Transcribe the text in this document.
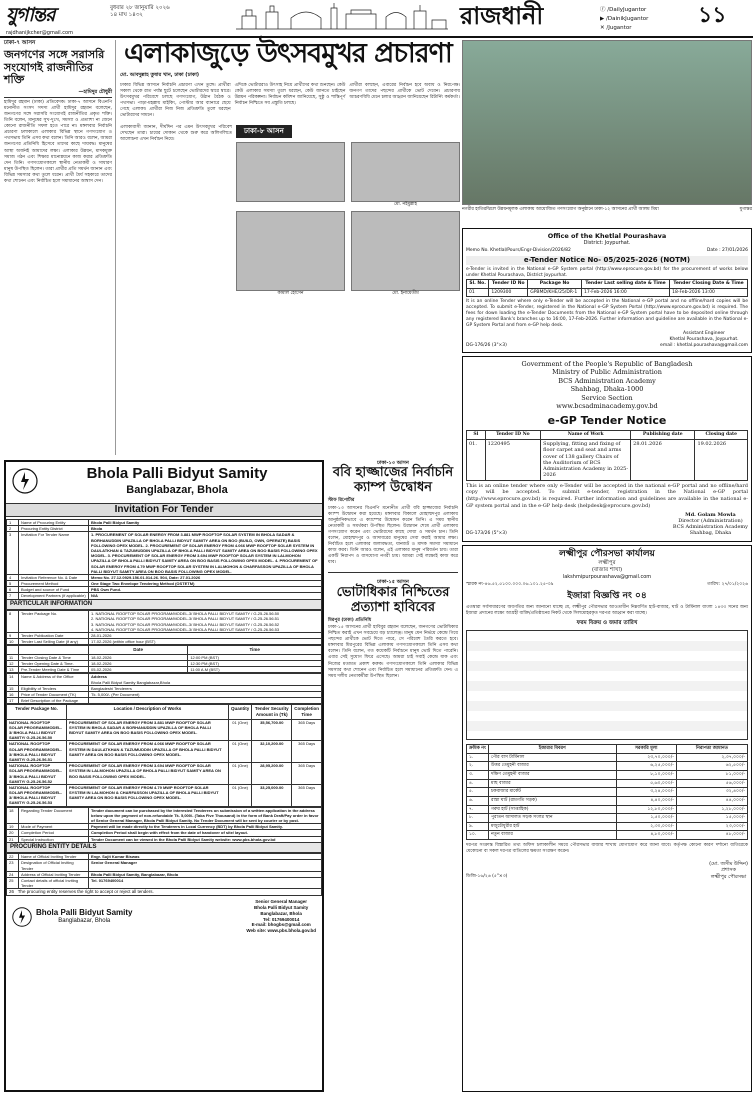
যুগান্তর	বুধবার ২৮ জানুয়ারি ২০২৬
১৪ মাঘ ১৪৩২	রাজধানী	ⓕ /DailyJugantor
▶ /DainikJugantor
✕ /Jugantor	১১
rajdhanijkcher@gmail.com
ঢাকা-৭ আসন
জনগণের সঙ্গে সরাসরি সংযোগই রাজনীতির শক্তি
—হামিদুর চৌধুরী

হামিদুর রহমান (ঢাকা) প্রতিবেদক। ঢাকা-৭ আসনে বিএনপি মনোনীত সংসদ সদস্য প্রার্থী হামিদুর রহমান বলেছেন, জনগণের সঙ্গে সরাসরি সংযোগই রাজনীতির প্রকৃত শক্তি। তিনি বলেন, মানুষের সুখ-দুঃখ, সমস্যা ও প্রত্যাশা না জেনে কোনো রাজনীতি সফল হতে পারে না। মঙ্গলবার নির্বাচনি প্রচারণা চলাকালে এলাকার বিভিন্ন স্থানে গণসংযোগ ও পথসভায় তিনি এসব কথা বলেন। তিনি আরও বলেন, আমরা জনগণের প্রতিনিধি হিসেবে তাদের কাছে দায়বদ্ধ। মানুষের আস্থা অর্জনই আমাদের লক্ষ্য। এলাকার উন্নয়ন, মাদকমুক্ত সমাজ গঠন এবং শিক্ষার মানোন্নয়নে কাজ করার প্রতিশ্রুতি দেন তিনি। গণসংযোগকালে স্থানীয় নেতাকর্মী ও সাধারণ মানুষ উপস্থিত ছিলেন। তারা প্রার্থীর প্রতি সমর্থন জানান এবং বিভিন্ন সমস্যার কথা তুলে ধরেন। প্রার্থী ধৈর্য সহকারে তাদের কথা শোনেন এবং নির্বাচিত হলে সমাধানের আশ্বাস দেন।

এলাকাজুড়ে উৎসবমুখর প্রচারণা
মো. আবদুল্লাহ তুষার খান, ঢাকা (ঢাকা)

ঢাকার বিভিন্ন আসনে নির্বাচনি প্রচারণা এখন তুঙ্গে। প্রার্থীরা সকাল থেকে রাত পর্যন্ত ছুটে চলেছেন ভোটারদের দ্বারে দ্বারে। উৎসবমুখর পরিবেশে চলছে গণসংযোগ, উঠান বৈঠক ও পথসভা। পাড়া-মহল্লায় মাইকিং, পোস্টার আর ব্যানারে ছেয়ে গেছে এলাকা। প্রার্থীরা নিজ নিজ প্রতিশ্রুতি তুলে ধরছেন ভোটারদের সামনে।

এদিকে ভোটাররাও উৎসাহ নিয়ে প্রার্থীদের কথা শুনছেন। কেউ কেউ এলাকার সমস্যা তুলে ধরছেন, কেউ জানতে চাইছেন উন্নয়ন পরিকল্পনা। নির্বাচন কমিশন জানিয়েছে, সুষ্ঠু ও শান্তিপূর্ণ নির্বাচন নিশ্চিতে সব প্রস্তুতি চলছে।

প্রার্থীরা বলছেন, এবারের নির্বাচন হবে অবাধ ও নিরপেক্ষ। জনগণ তাদের পছন্দের প্রার্থীকে ভোট দেবেন। প্রচারণায় আচরণবিধি মেনে চলার আহ্বান জানিয়েছেন রিটার্নিং কর্মকর্তা।

এলাকাবাসী জানান, দীর্ঘদিন পর এমন উৎসবমুখর পরিবেশ দেখছেন তারা। চায়ের দোকান থেকে শুরু করে অলিগলিতে আলোচনা এখন নির্বাচন নিয়ে।

ঢাকা-৮ আসন
মো. নইমুল্লাহ
কামাল হোসেন	মো. ইনায়েতীম
নগরীর হাতিরঝিলে উন্নয়নমূলক এলাকায় আয়োজিত গণসংযোগ অনুষ্ঠানে ঢাকা-১২ আসনের প্রার্থী আলম মিয়া	যুগান্তর
Office of the Khetlal Pourashava
District: Joypurhat.
Memo No. Khetlal/Pours/Engr-Division/2026/82	Date : 27/01/2026
e-Tender Notice No- 05/2025-2026 (NOTM)

e-Tender is invited in the National e-GP System portal (http://www.eprocure.gov.bd) for the procurement of works below under Khetlal Pourashava, District Joypurhat.

Sl. No.	Tender ID No	Package No	Tender Last selling date & Time	Tender Closing Date & Time
01	1209300	GPBMD/KHE/25/DR-1	17-Feb-2026 16:00	18-Feb-2026 13:00

It is an online Tender where only e-Tender will be accepted in the National e-GP portal and no offline/hard copies will be accepted. To submit e-Tender, registered in the National e-GP System Portal (http://www.eprocure.gov.bd) is required. The fees for down loading the e-Tender Documents from the National e-GP System portal have to be deposited online through any registered Bank's branches up to 16:00, 17-Feb-2026. Further information and guideline are available in the National e-GP System Portal and from e-GP help desk.

DG-176/26 (3"×3)
Assistant Engineer
Khetlal Pourashava, Joypurhat.
email : khetlal.pourashava@gmail.com
Government of the People's Republic of Bangladesh
Ministry of Public Administration
BCS Administration Academy
Shahbag, Dhaka-1000
Service Section
www.bcsadminacademy.gov.bd
e-GP Tender Notice
Sl	Tender ID No	Name of Work	Publishing date	Closing date
01.	1220495	Supplying, fitting and fixing of floor carpet and seat and arms cover of 138 gallery Chairs of the Auditorium of BCS Administration Academy in 2025-2026	28.01.2026	19.02.2026

This is an online tender where only e-Tender will be accepted in the national e-GP portal and no offline/hard copy will be accepted. To submit e-tender, registration in the National e-GP portal (http://www.eprocure.gov.bd) is required. Further information and guidelines are available in the national e-GP system portal and in the e-GP help desk (helpdesk@eprocure.gov.bd)

DG-173/26 (5"×3)
Md. Golam Mowla
Director (Administration)
BCS Administration Academy
Shahbag, Dhaka
লক্ষ্মীপুর পৌরসভা কার্যালয়
লক্ষ্মীপুর
(বাজার শাখা)
lakshmipurpourashava@gmail.com
স্মারক নং-৪৬.৫২.৫১০০.০০০.০৬.১০১.২৫-৩৯	তারিখ: ২৭/০১/২০২৬
ইজারা বিজ্ঞপ্তি নং ০৪

এতদ্বারা সর্বসাধারণের অবগতির জন্য জানানো যাচ্ছে যে, লক্ষ্মীপুর পৌরসভার আওতাধীন নিম্নবর্ণিত হাট-বাজার, ঘাট ও টার্মিনাল বাংলা ১৪৩৩ সনের জন্য ইজারা প্রদানের লক্ষ্যে আগ্রহী ব্যক্তি/প্রতিষ্ঠানের নিকট থেকে সিলমোহরকৃত দরপত্র আহ্বান করা যাচ্ছে।

ফরম বিক্রয় ও জমার তারিখ
ক্রমিক নং	ইজারার বিবরণ	সরকারি মূল্য	নিরাপত্তা জামানত
১.	পৌর বাস টার্মিনাল	২৩,৭০,০০০/-	২,৩৭,০০০/-
২.	উত্তর তেমুহনী বাজার	৬,২৫,০০০/-	৬২,৫০০/-
৩.	দক্ষিণ তেমুহনী বাজার	৮,১০,০০০/-	৮১,০০০/-
৪.	মাছ বাজার	৫,৬০,০০০/-	৫৬,০০০/-
৫.	চকবাজার মার্কেট	৩,২৪,০০০/-	৩২,৪০০/-
৬.	রাস্তা ঘাট (রামগতি সড়ক)	৪,৪০,০০০/-	৪৪,০০০/-
৭.	গরুর হাট (সাপ্তাহিক)	১২,৮০,০০০/-	১,২৮,০০০/-
৮.	পুরাতন আদালত সড়ক সংলগ্ন স্থান	১,৫০,০০০/-	১৫,০০০/-
৯.	মজুচৌধুরীর হাট	২,৩০,০০০/-	২৩,০০০/-
১০.	নতুন বাজার	৪,৮০,০০০/-	৪৮,০০০/-

দরপত্র সংক্রান্ত বিস্তারিত তথ্য অফিস চলাকালীন সময়ে পৌরসভার বাজার শাখায় যোগাযোগ করে জানা যাবে। কর্তৃপক্ষ কোনো কারণ দর্শানো ব্যতিরেকে যেকোনো বা সকল দরপত্র বাতিলের ক্ষমতা সংরক্ষণ করেন।

ডিজি-১৬/২৬ (৫"×৩)
(মো. জসীম উদ্দিন)
প্রশাসক
লক্ষ্মীপুর পৌরসভা
ঢাকা-১৩ আসন
ববি হাজ্জাজের নির্বাচনি ক্যাম্প উদ্বোধন
স্টাফ রিপোর্টার

ঢাকা-১৩ আসনের বিএনপি মনোনীত প্রার্থী ববি হাজ্জাজের নির্বাচনি ক্যাম্প উদ্বোধন করা হয়েছে। মঙ্গলবার বিকালে মোহাম্মদপুর এলাকায় আনুষ্ঠানিকভাবে এ ক্যাম্পের উদ্বোধন করেন তিনি। এ সময় স্থানীয় নেতাকর্মী ও সমর্থকরা উপস্থিত ছিলেন। উদ্বোধন শেষে প্রার্থী এলাকায় গণসংযোগ করেন এবং ভোটারদের কাছে দোয়া ও সমর্থন চান। তিনি বলেন, মোহাম্মদপুর ও আদাবরের মানুষের সেবা করাই আমার লক্ষ্য। নির্বাচিত হলে এলাকার জলাবদ্ধতা, যানজট ও মাদক সমস্যা সমাধানে কাজ করব। তিনি আরও বলেন, এই এলাকার মানুষ পরিবর্তন চায়। তারা একটি নিরাপদ ও বাসযোগ্য নগরী চায়। আমরা সেই লক্ষ্যেই কাজ করে যাব।

ঢাকা-১৫ আসন
ভোটাধিকার নিশ্চিতের প্রত্যাশা হাবিবের
মিরপুর (ঢাকা) প্রতিনিধি

ঢাকা-১৫ আসনের প্রার্থী হাবিবুর রহমান বলেছেন, জনগণের ভোটাধিকার নিশ্চিত করাই এখন সবচেয়ে বড় চ্যালেঞ্জ। মানুষ যেন নির্ভয়ে কেন্দ্রে গিয়ে পছন্দের প্রার্থীকে ভোট দিতে পারে, সে পরিবেশ তৈরি করতে হবে। মঙ্গলবার মিরপুরের বিভিন্ন এলাকায় গণসংযোগকালে তিনি এসব কথা বলেন। তিনি বলেন, গত কয়েকটি নির্বাচনে মানুষ ভোট দিতে পারেনি। এবার সেই সুযোগ ফিরে এসেছে। আমরা চাই সবাই কেন্দ্রে যাক এবং নিজের মতামত প্রকাশ করুক। গণসংযোগকালে তিনি এলাকার বিভিন্ন সমস্যার কথা শোনেন এবং নির্বাচিত হলে সমাধানের প্রতিশ্রুতি দেন। এ সময় দলীয় নেতাকর্মীরা উপস্থিত ছিলেন।

Bhola Palli Bidyut Samity
Banglabazar, Bhola
Invitation For Tender
1	Name of Procuring Entity	Bhola Palli Bidyut Samity
2	Procuring Entity District	Bhola
3	Invitation For Tender Name	1. PROCUREMENT OF SOLAR ENERGY FROM 3.881 MWP ROOFTOP SOLAR SYSTEM IN BHOLA SADAR & BORHANUDDIN UPAZILLA OF BHOLA PALLI BIDYUT SAMITY AREA ON BOO (BUILD, OWN, OPERATE) BASIS FOLLOWING OPEX MODEL. 2. PROCUREMENT OF SOLAR ENERGY FROM 4.066 MWP ROOFTOP SOLAR SYSTEM IN DAULATKHAN & TAZUMUDDIN UPAZILLA OF BHOLA PALLI BIDYUT SAMITY AREA ON BOO BASIS FOLLOWING OPEX MODEL. 3. PROCUREMENT OF SOLAR ENERGY FROM 3.694 MWP ROOFTOP SOLAR SYSTEM IN LALMOHON UPAZILLA OF BHOLA PALLI BIDYUT SAMITY AREA ON BOO BASIS FOLLOWING OPEX MODEL. 4. PROCUREMENT OF SOLAR ENERGY FROM 4.79 MWP ROOFTOP SOLAR SYSTEM IN LALMOHON & CHARFASSON UPAZILLA OF BHOLA PALLI BIDYUT SAMITY AREA ON BOO BASIS FOLLOWING OPEX MODEL.
4	Invitation Reference No. & Date	Memo No. 27.12.0929.156.01.014.26. 504, Date: 27.01.2026
5	Procurement Method	One Stage Two Envelope Tendering Method (OSTETM)
6	Budget and source of Fund	PBS Own Fund.
7	Development Partners (if applicable)	N/A
PARTICULAR INFORMATION
8	Tender Package No.	1. NATIONAL ROOFTOP SOLAR PROGRAM/MODEL-3/ BHOLA PALLI BIDYUT SAMITY / G-25-26.56.50
2. NATIONAL ROOFTOP SOLAR PROGRAM/MODEL-3/ BHOLA PALLI BIDYUT SAMITY / G-25-26.56.51
3. NATIONAL ROOFTOP SOLAR PROGRAM/MODEL-3/ BHOLA PALLI BIDYUT SAMITY / G-25-26.56.52
4. NATIONAL ROOFTOP SOLAR PROGRAM/MODEL-3/ BHOLA PALLI BIDYUT SAMITY / G-25-26.56.53

9	Tender Publication Date	28-01-2026
10	Tender Last Selling Date (if any)	17-02-2026 (within office hour (BST)
		Date	Time
11	Tender Closing Date & Time	18-02-2026	12:00 PM (BST)
12	Tender Opening Date & Time.	18-02-2026	12:30 PM (BST)
13	Pre-Tender Meeting Date & Time	05-02-2026	11:00 A.M (BST)
14	Name & Address of the Office	Address
Bhola Palli Bidyut Samity Banglabazar,Bhola
15	Eligibility of Tenders	Bangladeshi Tenderers
16	Price of Tender Document (TK)	Tk. 5,000/- (Per Document)
17	Brief Description of the Package	
Tender Package No.	Location / Description of Works	Quantity	Tender Security Amount in (Tk)	Completion Time
NATIONAL ROOFTOP SOLAR PROGRAM/MODEL-3/ BHOLA PALLI BIDYUT SAMITY/ G-25-26.56.50	PROCUREMENT OF SOLAR ENERGY FROM 3.881 MWP ROOFTOP SOLAR SYSTEM IN BHOLA SADAR & BORHANUDDIN UPAZILLA OF BHOLA PALLI BIDYUT SAMITY AREA ON BOO BASIS FOLLOWING OPEX MODEL.	01 (One)	35,56,700.00	365 Days
NATIONAL ROOFTOP SOLAR PROGRAM/MODEL-3/ BHOLA PALLI BIDYUT SAMITY/ G-25-26.56.51	PROCUREMENT OF SOLAR ENERGY FROM 4.066 MWP ROOFTOP SOLAR SYSTEM IN DAULATKHAN & TAZUMUDDIN UPAZILLA OF BHOLA PALLI BIDYUT SAMITY AREA ON BOO BASIS FOLLOWING OPEX MODEL.	01 (One)	32,10,200.00	365 Days
NATIONAL ROOFTOP SOLAR PROGRAM/MODEL-3/ BHOLA PALLI BIDYUT SAMITY/ G-25-26.56.52	PROCUREMENT OF SOLAR ENERGY FROM 3.694 MWP ROOFTOP SOLAR SYSTEM IN LALMOHON UPAZILLA OF BHOLA PALLI BIDYUT SAMITY AREA ON BOO BASIS FOLLOWING OPEX MODEL.	01 (One)	28,95,200.00	365 Days
NATIONAL ROOFTOP SOLAR PROGRAM/MODEL-3/ BHOLA PALLI BIDYUT SAMITY/ G-25-26.56.53	PROCUREMENT OF SOLAR ENERGY FROM 4.79 MWP ROOFTOP SOLAR SYSTEM IN LALMOHON & CHARFASSON UPAZILLA OF BHOLA PALLI BIDYUT SAMITY AREA ON BOO BASIS FOLLOWING OPEX MODEL.	01 (One)	33,25,000.00	365 Days
18	Regarding Tender Document	Tender document can be purchased by the interested Tenderers on submission of a written application in the address below upon the payment of non-refundable Tk. 5,000/- (Taka Five Thousand) in the form of Bank Draft/Pay order in favor of Senior General Manager, Bhola Palli Bidyut Samity. No Tender Document will be sent by courier or by post.
19	Mode of Payment	Payment will be made directly to the Tenderers in Local Currency (BDT) by Bhola Palli Bidyut Samity.
20	Completion Period	Completion Period shall begin with effect from the date of handover of site/ layout.
21	Special Instruction	Tender Document can be viewed in the Bhola Palli Bidyut Samity website: www.pbs.bhola.gov.bd
PROCURING ENTITY DETAILS
22	Name of Official Inviting Tender	Engr. Sujit Kumar Biswas
23	Designation of Official Inviting Tender	Senior General Manager
24	Address of Official Inviting Tender	Bhola Palli Bidyut Samity, Banglabazar, Bhola
25	Contact details of official Inviting Tender	Tel. 01769400014
26   The procuring entity reserves the right to accept or reject all tenders.
Bhola Palli Bidyut Samity
Banglabazar, Bhola
Senior General Manager
Bhola Palli Bidyut Samity
Banglabazar, Bhola
Tel: 01769400014
E-mail: bhogbs@gmail.com
Web site: www.pbs.bhola.gov.bd
